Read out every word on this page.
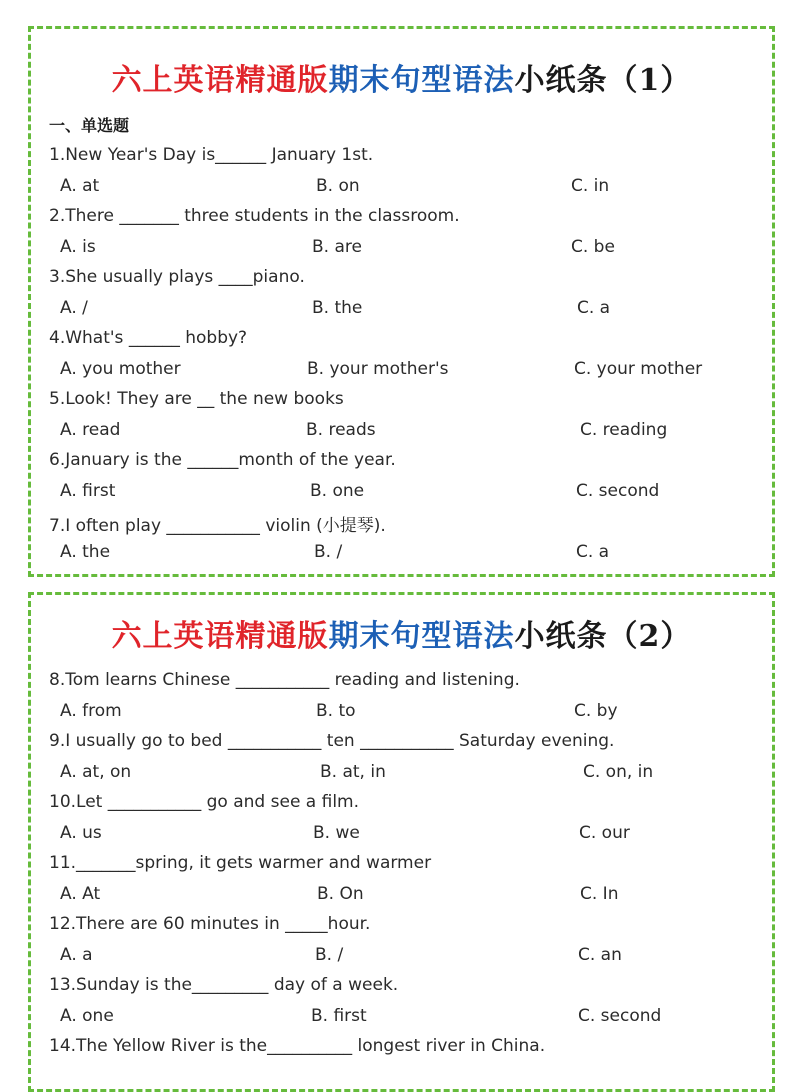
六上英语精通版期末句型语法小纸条（1）
一、单选题
1.New Year's Day is______ January 1st.
A. at	B. on	C. in
2.There _______ three students in the classroom.
A. is	B. are	C. be
3.She usually plays ____piano.
A. /	B. the	C. a
4.What's ______ hobby?
A. you mother	B. your mother's	C. your mother
5.Look! They are __ the new books
A. read	B. reads	C. reading
6.January is the ______month of the year.
A. first	B. one	C. second
7.I often play ___________ violin (小提琴).
A. the	B. /	C. a
六上英语精通版期末句型语法小纸条（2）
8.Tom learns Chinese ___________ reading and listening.
A. from	B. to	C. by
9.I usually go to bed ___________ ten ___________ Saturday evening.
A. at, on	B. at, in	C. on, in
10.Let ___________ go and see a film.
A. us	B. we	C. our
11._______spring, it gets warmer and warmer
A. At	B. On	C. In
12.There are 60 minutes in _____hour.
A. a	B. /	C. an
13.Sunday is the_________ day of a week.
A. one	B. first	C. second
14.The Yellow River is the__________ longest river in China.
